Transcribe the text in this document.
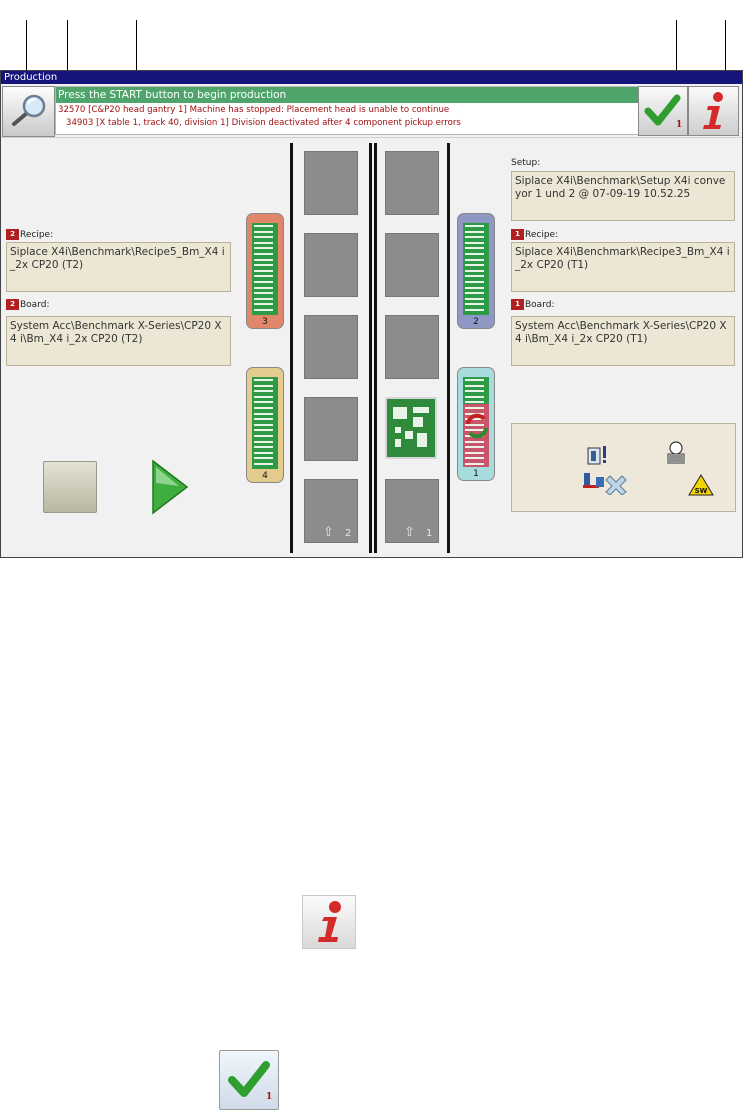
Production
Press the START button to begin production
32570 [C&P20 head gantry 1] Machine has stopped: Placement head is unable to continue
34903 [X table 1, track 40, division 1] Division deactivated after 4 component pickup errors	1
2 Recipe:
Siplace X4i\Benchmark\Recipe5_Bm_X4 i_2x CP20 (T2)
2 Board:
System Acc\Benchmark X-Series\CP20 X4 i\Bm_X4 i_2x CP20 (T2)
Setup:
Siplace X4i\Benchmark\Setup X4i conveyor 1 und 2 @ 07-09-19 10.52.25
1 Recipe:
Siplace X4i\Benchmark\Recipe3_Bm_X4 i_2x CP20 (T1)
1 Board:
System Acc\Benchmark X-Series\CP20 X4 i\Bm_X4 i_2x CP20 (T1)
3
4
2
1
⇧ 2	⇧ 1
SW
1
